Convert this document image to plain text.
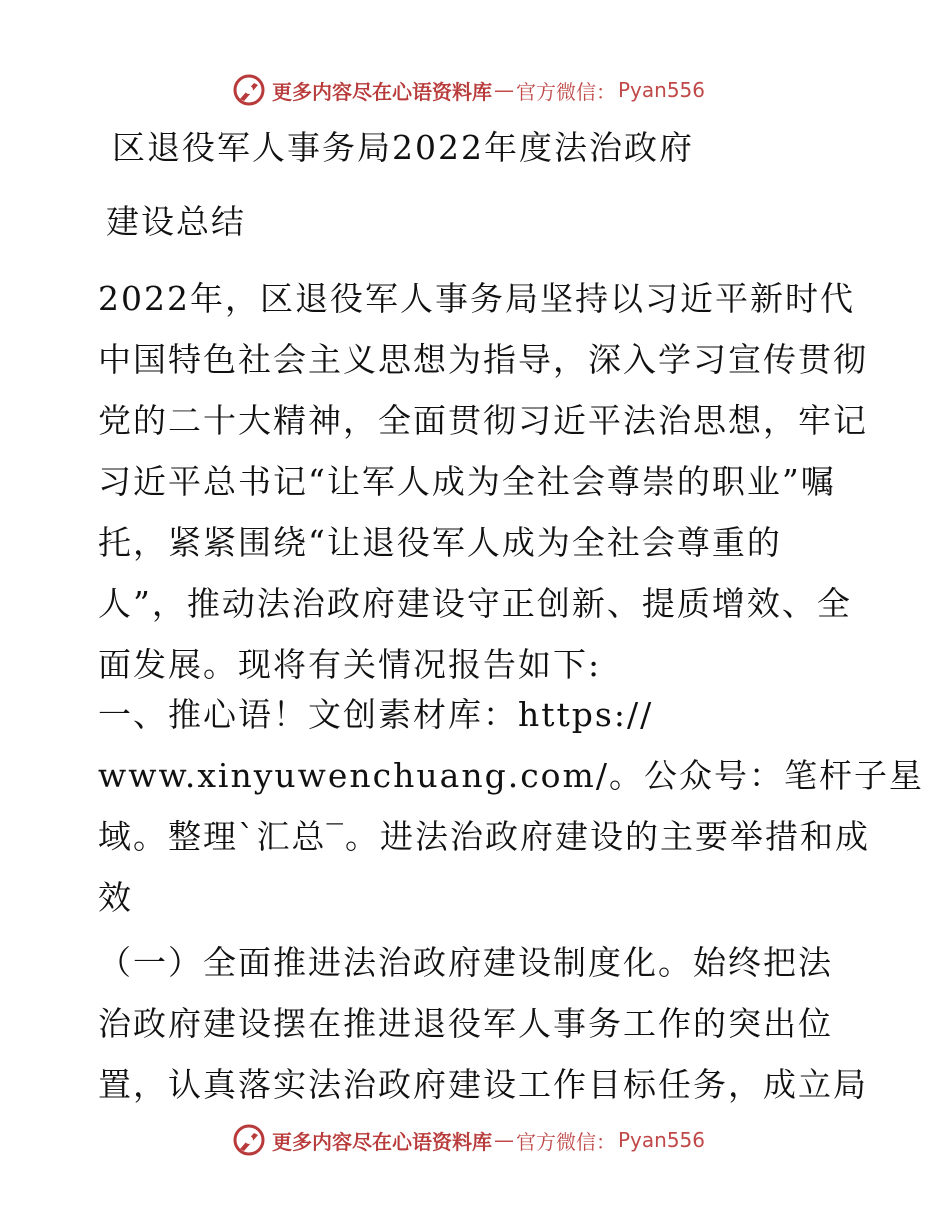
更多内容尽在心语资料库 — 官方微信： Pyan556
区退役军人事务局2022年度法治政府
建设总结
2022年，区退役军人事务局坚持以习近平新时代
中国特色社会主义思想为指导，深入学习宣传贯彻
党的二十大精神，全面贯彻习近平法治思想，牢记
习近平总书记“让军人成为全社会尊崇的职业”嘱
托，紧紧围绕“让退役军人成为全社会尊重的
人”，推动法治政府建设守正创新、提质增效、全
面发展。现将有关情况报告如下:
一、推心语！文创素材库：https://
www.xinyuwenchuang.com/。公众号：笔杆子星
域。整理`汇总‾。进法治政府建设的主要举措和成
效
（一）全面推进法治政府建设制度化。始终把法
治政府建设摆在推进退役军人事务工作的突出位
置，认真落实法治政府建设工作目标任务，成立局
更多内容尽在心语资料库 — 官方微信： Pyan556
